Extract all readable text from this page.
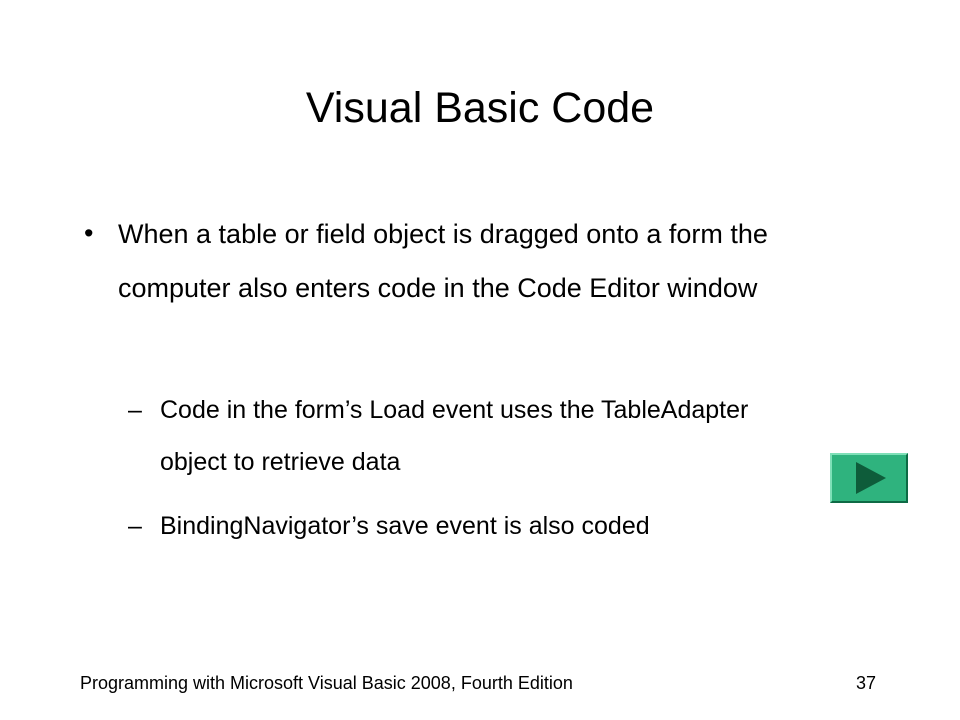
Visual Basic Code
• When a table or field object is dragged onto a form the computer also enters code in the Code Editor window
– Code in the form’s Load event uses the TableAdapter object to retrieve data
– BindingNavigator’s save event is also coded
Programming with Microsoft Visual Basic 2008, Fourth Edition	37
